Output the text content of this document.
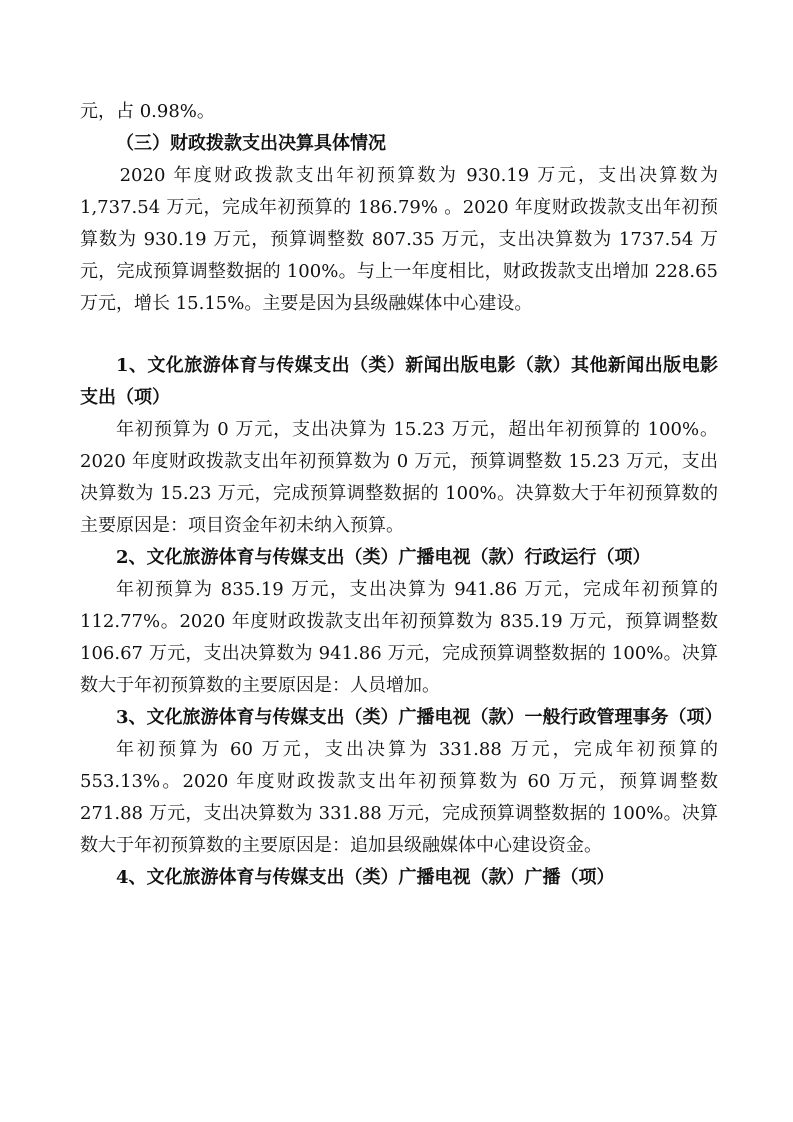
元，占 0.98%。

（三）财政拨款支出决算具体情况

2020 年度财政拨款支出年初预算数为 930.19 万元，支出决算数为 1,737.54 万元，完成年初预算的 186.79% 。2020 年度财政拨款支出年初预算数为 930.19 万元，预算调整数 807.35 万元，支出决算数为 1737.54 万元，完成预算调整数据的 100%。与上一年度相比，财政拨款支出增加 228.65 万元，增长 15.15%。主要是因为县级融媒体中心建设。

1、文化旅游体育与传媒支出（类）新闻出版电影（款）其他新闻出版电影支出（项）

年初预算为 0 万元，支出决算为 15.23 万元，超出年初预算的 100%。2020 年度财政拨款支出年初预算数为 0 万元，预算调整数 15.23 万元，支出决算数为 15.23 万元，完成预算调整数据的 100%。决算数大于年初预算数的主要原因是：项目资金年初未纳入预算。

2、文化旅游体育与传媒支出（类）广播电视（款）行政运行（项）

年初预算为 835.19 万元，支出决算为 941.86 万元，完成年初预算的 112.77%。2020 年度财政拨款支出年初预算数为 835.19 万元，预算调整数 106.67 万元，支出决算数为 941.86 万元，完成预算调整数据的 100%。决算数大于年初预算数的主要原因是：人员增加。

3、文化旅游体育与传媒支出（类）广播电视（款）一般行政管理事务（项）

年初预算为 60 万元，支出决算为 331.88 万元，完成年初预算的 553.13%。2020 年度财政拨款支出年初预算数为 60 万元，预算调整数 271.88 万元，支出决算数为 331.88 万元，完成预算调整数据的 100%。决算数大于年初预算数的主要原因是：追加县级融媒体中心建设资金。

4、文化旅游体育与传媒支出（类）广播电视（款）广播（项）
